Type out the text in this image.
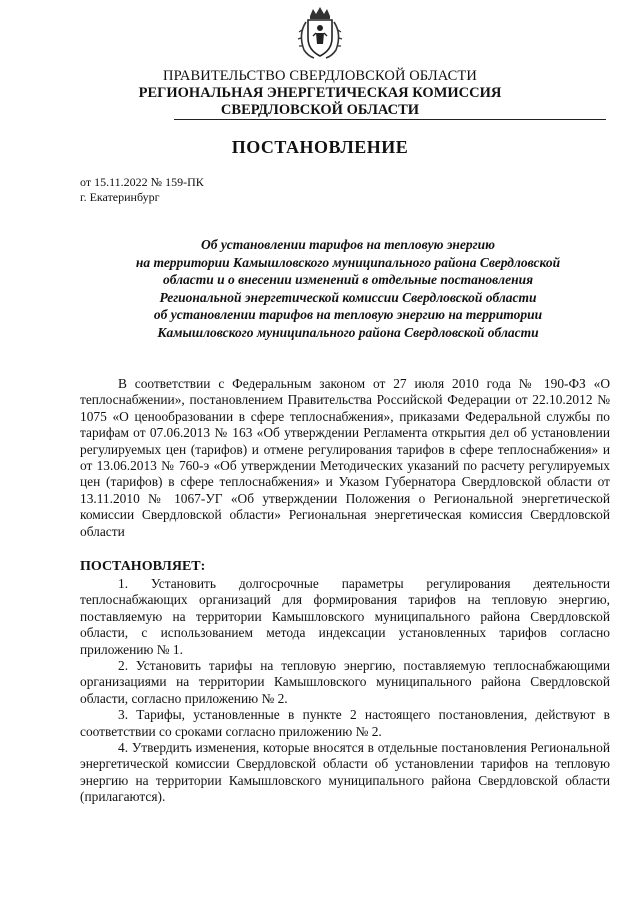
ПРАВИТЕЛЬСТВО СВЕРДЛОВСКОЙ ОБЛАСТИ
РЕГИОНАЛЬНАЯ ЭНЕРГЕТИЧЕСКАЯ КОМИССИЯ
СВЕРДЛОВСКОЙ ОБЛАСТИ
ПОСТАНОВЛЕНИЕ
от 15.11.2022 № 159-ПК
г. Екатеринбург
Об установлении тарифов на тепловую энергию
на территории Камышловского муниципального района Свердловской
области и о внесении изменений в отдельные постановления
Региональной энергетической комиссии Свердловской области
об установлении тарифов на тепловую энергию на территории
Камышловского муниципального района Свердловской области

В соответствии с Федеральным законом от 27 июля 2010 года № 190-ФЗ «О теплоснабжении», постановлением Правительства Российской Федерации от 22.10.2012 № 1075 «О ценообразовании в сфере теплоснабжения», приказами Федеральной службы по тарифам от 07.06.2013 № 163 «Об утверждении Регламента открытия дел об установлении регулируемых цен (тарифов) и отмене регулирования тарифов в сфере теплоснабжения» и от 13.06.2013 № 760-э «Об утверждении Методических указаний по расчету регулируемых цен (тарифов) в сфере теплоснабжения» и Указом Губернатора Свердловской области от 13.11.2010 № 1067-УГ «Об утверждении Положения о Региональной энергетической комиссии Свердловской области» Региональная энергетическая комиссия Свердловской области

ПОСТАНОВЛЯЕТ:

1. Установить долгосрочные параметры регулирования деятельности теплоснабжающих организаций для формирования тарифов на тепловую энергию, поставляемую на территории Камышловского муниципального района Свердловской области, с использованием метода индексации установленных тарифов согласно приложению № 1.

2. Установить тарифы на тепловую энергию, поставляемую теплоснабжающими организациями на территории Камышловского муниципального района Свердловской области, согласно приложению № 2.

3. Тарифы, установленные в пункте 2 настоящего постановления, действуют в соответствии со сроками согласно приложению № 2.

4. Утвердить изменения, которые вносятся в отдельные постановления Региональной энергетической комиссии Свердловской области об установлении тарифов на тепловую энергию на территории Камышловского муниципального района Свердловской области (прилагаются).
